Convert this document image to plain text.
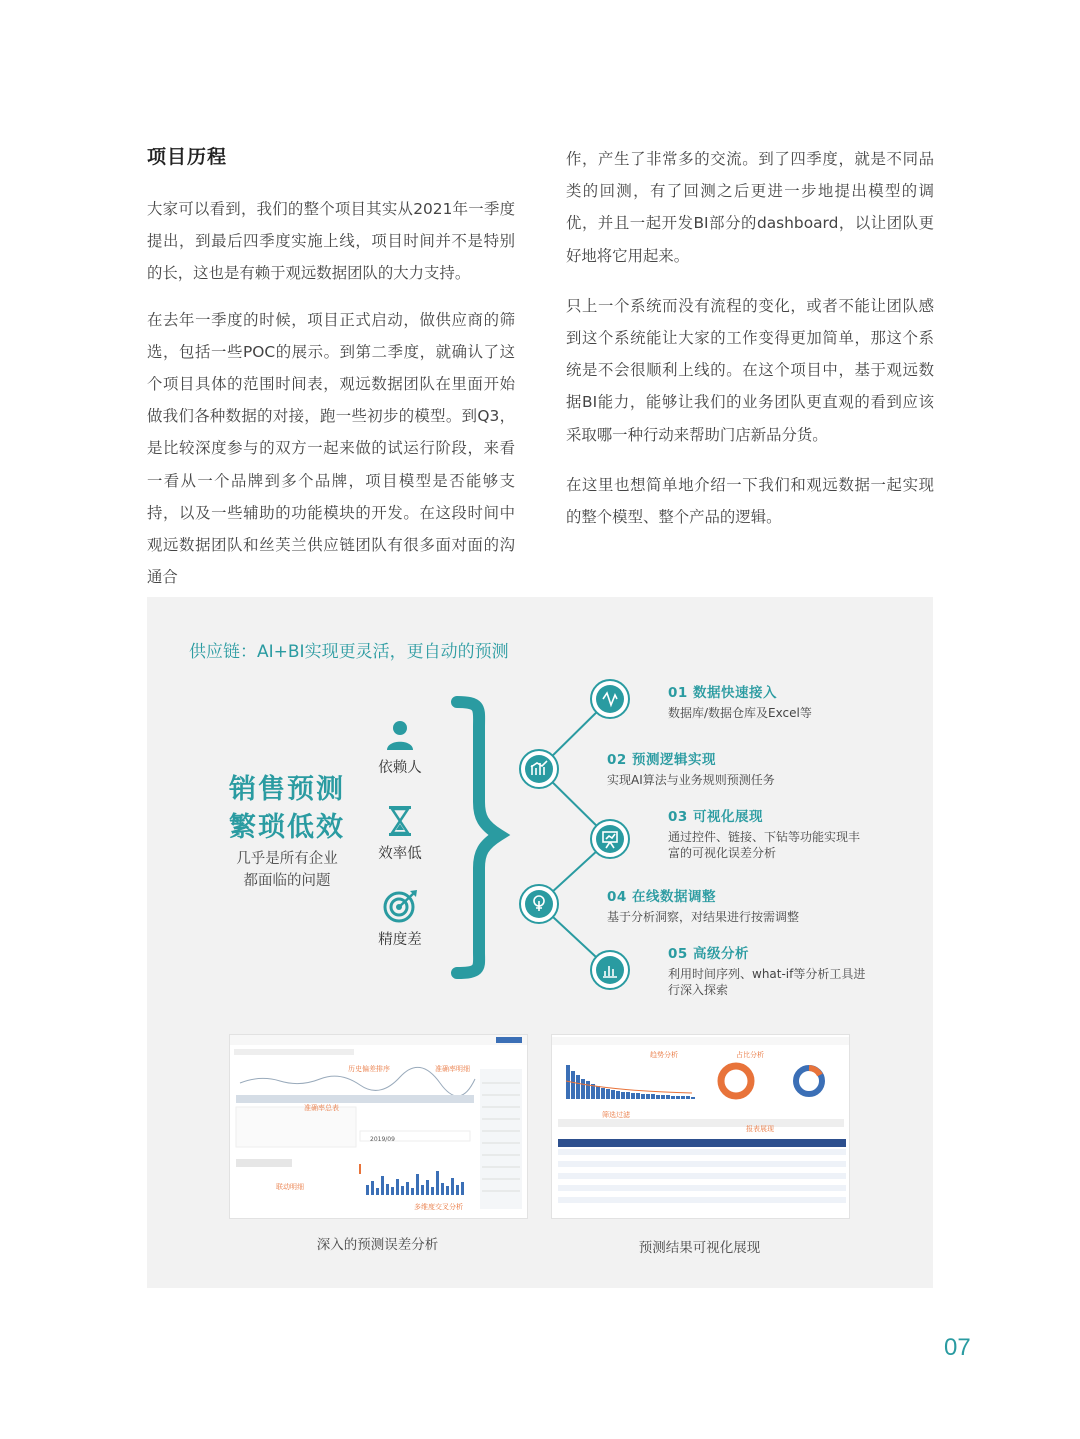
项目历程

大家可以看到，我们的整个项目其实从2021年一季度提出，到最后四季度实施上线，项目时间并不是特别的长，这也是有赖于观远数据团队的大力支持。

在去年一季度的时候，项目正式启动，做供应商的筛选，包括一些POC的展示。到第二季度，就确认了这个项目具体的范围时间表，观远数据团队在里面开始做我们各种数据的对接，跑一些初步的模型。到Q3，是比较深度参与的双方一起来做的试运行阶段，来看一看从一个品牌到多个品牌，项目模型是否能够支持，以及一些辅助的功能模块的开发。在这段时间中观远数据团队和丝芙兰供应链团队有很多面对面的沟通合

作，产生了非常多的交流。到了四季度，就是不同品类的回测，有了回测之后更进一步地提出模型的调优，并且一起开发BI部分的dashboard，以让团队更好地将它用起来。

只上一个系统而没有流程的变化，或者不能让团队感到这个系统能让大家的工作变得更加简单，那这个系统是不会很顺利上线的。在这个项目中，基于观远数据BI能力，能够让我们的业务团队更直观的看到应该采取哪一种行动来帮助门店新品分货。

在这里也想简单地介绍一下我们和观远数据一起实现的整个模型、整个产品的逻辑。

供应链：AI+BI实现更灵活，更自动的预测
销售预测
繁琐低效
几乎是所有企业
都面临的问题
依赖人
效率低
精度差

01 数据快速接入

数据库/数据仓库及Excel等

02 预测逻辑实现

实现AI算法与业务规则预测任务

03 可视化展现

通过控件、链接、下钻等功能实现丰
富的可视化误差分析

04 在线数据调整

基于分析洞察，对结果进行按需调整

05 高级分析

利用时间序列、what-if等分析工具进
行深入探索

历史偏差排序	准确率明细
准确率总表
联动明细
多维度交叉分析
2019/09
深入的预测误差分析
趋势分析	占比分析
筛选过滤
报表展现
预测结果可视化展现
07
